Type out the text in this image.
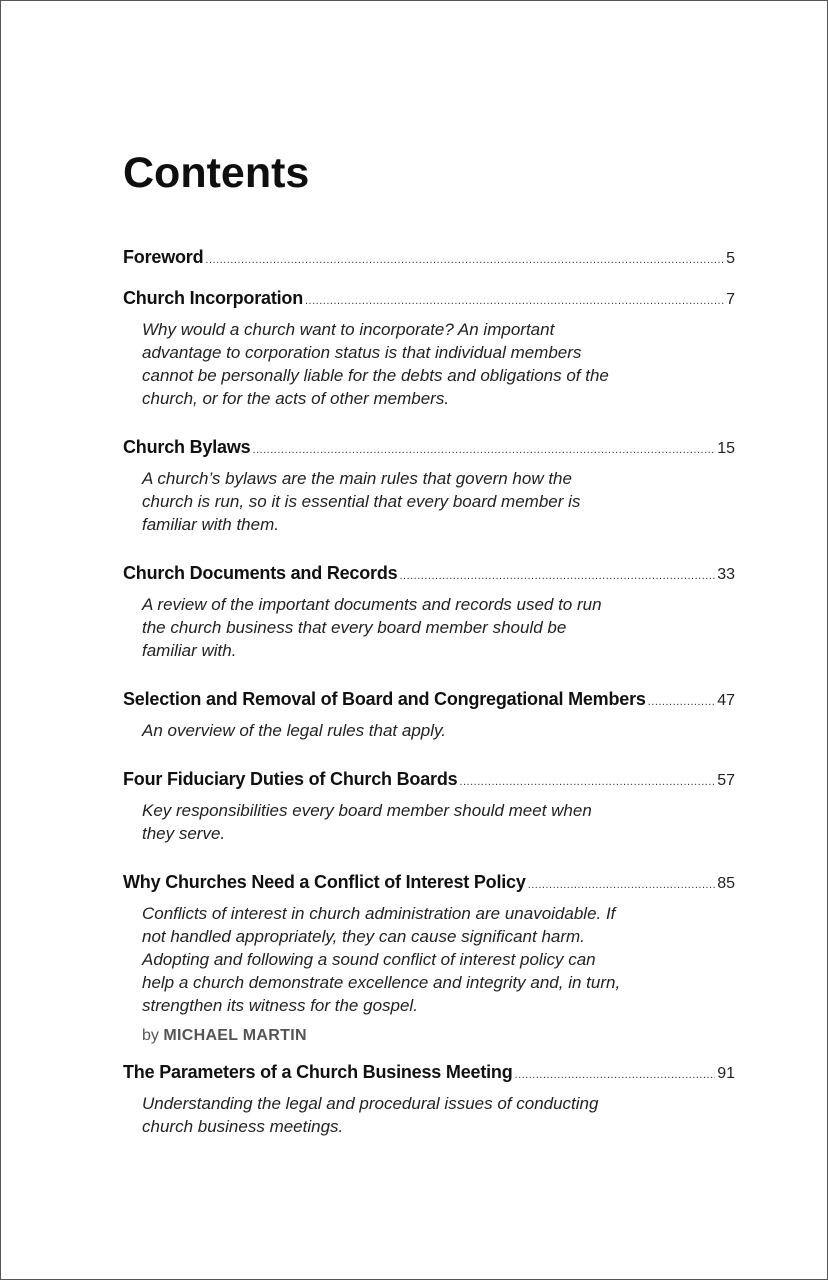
Contents
Foreword .....	5
Church Incorporation .....	7
Why would a church want to incorporate? An important advantage to corporation status is that individual members cannot be personally liable for the debts and obligations of the church, or for the acts of other members.
Church Bylaws .....	15
A church’s bylaws are the main rules that govern how the church is run, so it is essential that every board member is familiar with them.
Church Documents and Records .....	33
A review of the important documents and records used to run the church business that every board member should be familiar with.
Selection and Removal of Board and Congregational Members .....	47
An overview of the legal rules that apply.
Four Fiduciary Duties of Church Boards .....	57
Key responsibilities every board member should meet when they serve.
Why Churches Need a Conflict of Interest Policy .....	85
Conflicts of interest in church administration are unavoidable. If not handled appropriately, they can cause significant harm. Adopting and following a sound conflict of interest policy can help a church demonstrate excellence and integrity and, in turn, strengthen its witness for the gospel.
by MICHAEL MARTIN
The Parameters of a Church Business Meeting .....	91
Understanding the legal and procedural issues of conducting church business meetings.
